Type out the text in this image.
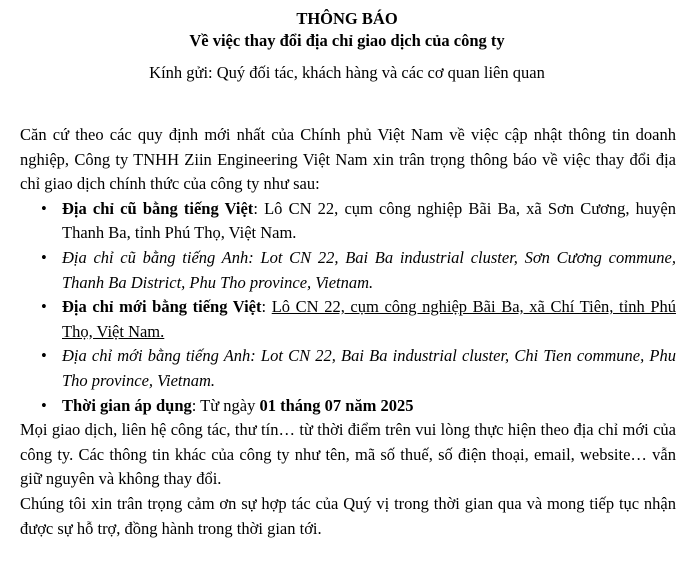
THÔNG BÁO
Về việc thay đổi địa chỉ giao dịch của công ty
Kính gửi: Quý đối tác, khách hàng và các cơ quan liên quan

Căn cứ theo các quy định mới nhất của Chính phủ Việt Nam về việc cập nhật thông tin doanh nghiệp, Công ty TNHH Ziin Engineering Việt Nam xin trân trọng thông báo về việc thay đổi địa chỉ giao dịch chính thức của công ty như sau:

• Địa chỉ cũ bằng tiếng Việt: Lô CN 22, cụm công nghiệp Bãi Ba, xã Sơn Cương, huyện Thanh Ba, tỉnh Phú Thọ, Việt Nam.
• Địa chỉ cũ bằng tiếng Anh: Lot CN 22, Bai Ba industrial cluster, Sơn Cương commune, Thanh Ba District, Phu Tho province, Vietnam.
• Địa chỉ mới bằng tiếng Việt: Lô CN 22, cụm công nghiệp Bãi Ba, xã Chí Tiên, tỉnh Phú Thọ, Việt Nam.
• Địa chỉ mới bằng tiếng Anh: Lot CN 22, Bai Ba industrial cluster, Chi Tien commune, Phu Tho province, Vietnam.
• Thời gian áp dụng: Từ ngày 01 tháng 07 năm 2025

Mọi giao dịch, liên hệ công tác, thư tín… từ thời điểm trên vui lòng thực hiện theo địa chỉ mới của công ty. Các thông tin khác của công ty như tên, mã số thuế, số điện thoại, email, website… vẫn giữ nguyên và không thay đổi.

Chúng tôi xin trân trọng cảm ơn sự hợp tác của Quý vị trong thời gian qua và mong tiếp tục nhận được sự hỗ trợ, đồng hành trong thời gian tới.
